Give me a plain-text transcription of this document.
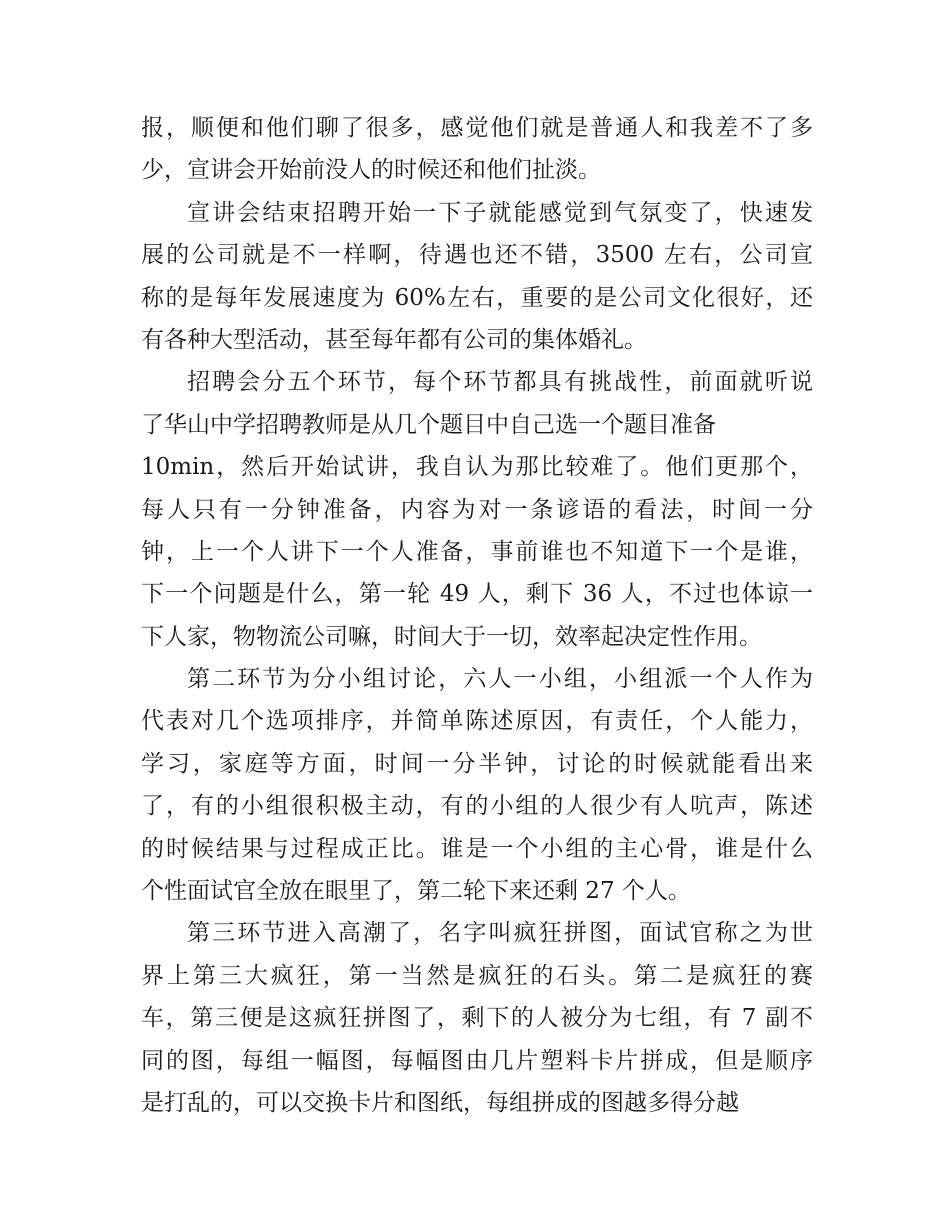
报，顺便和他们聊了很多，感觉他们就是普通人和我差不了多
少，宣讲会开始前没人的时候还和他们扯淡。
宣讲会结束招聘开始一下子就能感觉到气氛变了，快速发
展的公司就是不一样啊，待遇也还不错，3500 左右，公司宣
称的是每年发展速度为 60%左右，重要的是公司文化很好，还
有各种大型活动，甚至每年都有公司的集体婚礼。
招聘会分五个环节，每个环节都具有挑战性，前面就听说
了华山中学招聘教师是从几个题目中自己选一个题目准备
10min，然后开始试讲，我自认为那比较难了。他们更那个，
每人只有一分钟准备，内容为对一条谚语的看法，时间一分
钟，上一个人讲下一个人准备，事前谁也不知道下一个是谁，
下一个问题是什么，第一轮 49 人，剩下 36 人，不过也体谅一
下人家，物物流公司嘛，时间大于一切，效率起决定性作用。
第二环节为分小组讨论，六人一小组，小组派一个人作为
代表对几个选项排序，并简单陈述原因，有责任，个人能力，
学习，家庭等方面，时间一分半钟，讨论的时候就能看出来
了，有的小组很积极主动，有的小组的人很少有人吭声，陈述
的时候结果与过程成正比。谁是一个小组的主心骨，谁是什么
个性面试官全放在眼里了，第二轮下来还剩 27 个人。
第三环节进入高潮了，名字叫疯狂拼图，面试官称之为世
界上第三大疯狂，第一当然是疯狂的石头。第二是疯狂的赛
车，第三便是这疯狂拼图了，剩下的人被分为七组，有 7 副不
同的图，每组一幅图，每幅图由几片塑料卡片拼成，但是顺序
是打乱的，可以交换卡片和图纸，每组拼成的图越多得分越
